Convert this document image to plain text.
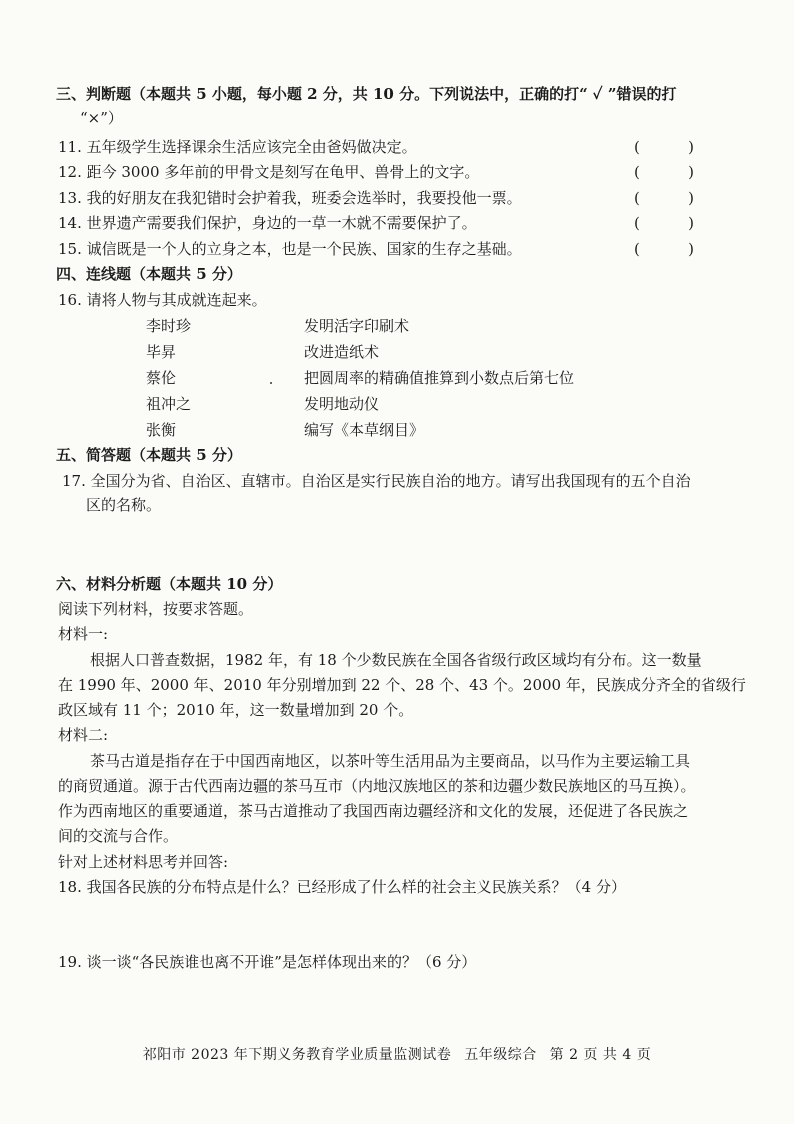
三、判断题（本题共 5 小题，每小题 2 分，共 10 分。下列说法中，正确的打“ ✓ ”错误的打
“×”）
11. 五年级学生选择课余生活应该完全由爸妈做决定。	(	)
12. 距今 3000 多年前的甲骨文是刻写在龟甲、兽骨上的文字。	(	)
13. 我的好朋友在我犯错时会护着我，班委会选举时，我要投他一票。	(	)
14. 世界遗产需要我们保护，身边的一草一木就不需要保护了。	(	)
15. 诚信既是一个人的立身之本，也是一个民族、国家的生存之基础。	(	)
四、连线题（本题共 5 分）
16. 请将人物与其成就连起来。
李时珍	发明活字印刷术
毕昇	改进造纸术
蔡伦	把圆周率的精确值推算到小数点后第七位
祖冲之	发明地动仪
张衡	编写《本草纲目》
五、简答题（本题共 5 分）
17. 全国分为省、自治区、直辖市。自治区是实行民族自治的地方。请写出我国现有的五个自治
区的名称。
六、材料分析题（本题共 10 分）
阅读下列材料，按要求答题。
材料一:
根据人口普查数据，1982 年，有 18 个少数民族在全国各省级行政区域均有分布。这一数量
在 1990 年、2000 年、2010 年分别增加到 22 个、28 个、43 个。2000 年，民族成分齐全的省级行
政区域有 11 个；2010 年，这一数量增加到 20 个。
材料二:
茶马古道是指存在于中国西南地区，以茶叶等生活用品为主要商品，以马作为主要运输工具
的商贸通道。源于古代西南边疆的茶马互市（内地汉族地区的茶和边疆少数民族地区的马互换）。
作为西南地区的重要通道，茶马古道推动了我国西南边疆经济和文化的发展，还促进了各民族之
间的交流与合作。
针对上述材料思考并回答:
18. 我国各民族的分布特点是什么？已经形成了什么样的社会主义民族关系？（4 分）
19. 谈一谈“各民族谁也离不开谁”是怎样体现出来的？（6 分）
祁阳市 2023 年下期义务教育学业质量监测试卷 五年级综合 第 2 页 共 4 页
